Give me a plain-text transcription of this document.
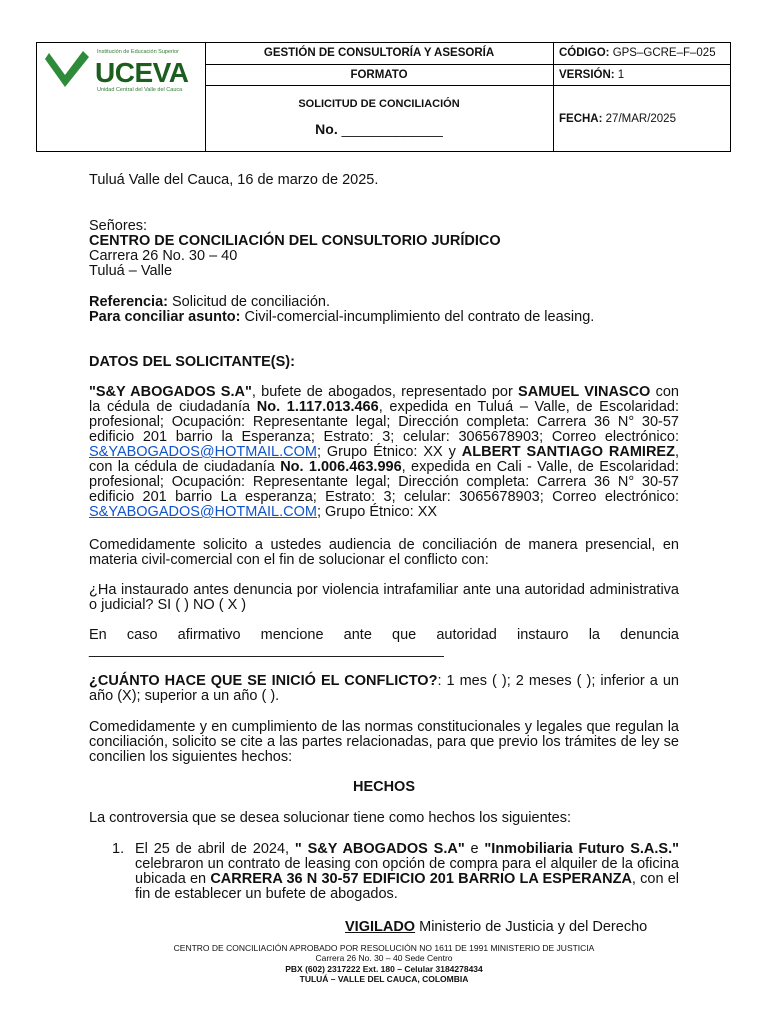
Institución de Educación Superior
UCEVA
Unidad Central del Valle del Cauca
GESTIÓN DE CONSULTORÍA Y ASESORÍA
FORMATO
SOLICITUD DE CONCILIACIÓN
No. _____________
CÓDIGO: GPS–GCRE–F–025
VERSIÓN: 1
FECHA: 27/MAR/2025
Tuluá Valle del Cauca, 16 de marzo de 2025.
Señores:
CENTRO DE CONCILIACIÓN DEL CONSULTORIO JURÍDICO
Carrera 26 No. 30 – 40
Tuluá – Valle
Referencia: Solicitud de conciliación.
Para conciliar asunto: Civil-comercial-incumplimiento del contrato de leasing.
DATOS DEL SOLICITANTE(S):
"S&Y ABOGADOS S.A", bufete de abogados, representado por SAMUEL VINASCO con la cédula de ciudadanía No. 1.117.013.466, expedida en Tuluá – Valle, de Escolaridad: profesional; Ocupación: Representante legal; Dirección completa: Carrera 36 N° 30-57 edificio 201 barrio la Esperanza; Estrato: 3; celular: 3065678903; Correo electrónico: S&YABOGADOS@HOTMAIL.COM; Grupo Étnico: XX y ALBERT SANTIAGO RAMIREZ, con la cédula de ciudadanía No. 1.006.463.996, expedida en Cali - Valle, de Escolaridad: profesional; Ocupación: Representante legal; Dirección completa: Carrera 36 N° 30-57 edificio 201 barrio La esperanza; Estrato: 3; celular: 3065678903; Correo electrónico: S&YABOGADOS@HOTMAIL.COM; Grupo Étnico: XX
Comedidamente solicito a ustedes audiencia de conciliación de manera presencial, en materia civil-comercial con el fin de solucionar el conflicto con:
¿Ha instaurado antes denuncia por violencia intrafamiliar ante una autoridad administrativa o judicial? SI ( ) NO ( X )
En caso afirmativo mencione ante que autoridad instauro la denuncia
____________________________________________
¿CUÁNTO HACE QUE SE INICIÓ EL CONFLICTO?: 1 mes ( ); 2 meses ( ); inferior a un año (X); superior a un año ( ).
Comedidamente y en cumplimiento de las normas constitucionales y legales que regulan la conciliación, solicito se cite a las partes relacionadas, para que previo los trámites de ley se concilien los siguientes hechos:
HECHOS
La controversia que se desea solucionar tiene como hechos los siguientes:
1. El 25 de abril de 2024, " S&Y ABOGADOS S.A" e "Inmobiliaria Futuro S.A.S." celebraron un contrato de leasing con opción de compra para el alquiler de la oficina ubicada en CARRERA 36 N 30-57 EDIFICIO 201 BARRIO LA ESPERANZA, con el fin de establecer un bufete de abogados.
VIGILADO Ministerio de Justicia y del Derecho
CENTRO DE CONCILIACIÓN APROBADO POR RESOLUCIÓN NO 1611 DE 1991 MINISTERIO DE JUSTICIA
Carrera 26 No. 30 – 40 Sede Centro
PBX (602) 2317222 Ext. 180 – Celular 3184278434
TULUÁ – VALLE DEL CAUCA, COLOMBIA
